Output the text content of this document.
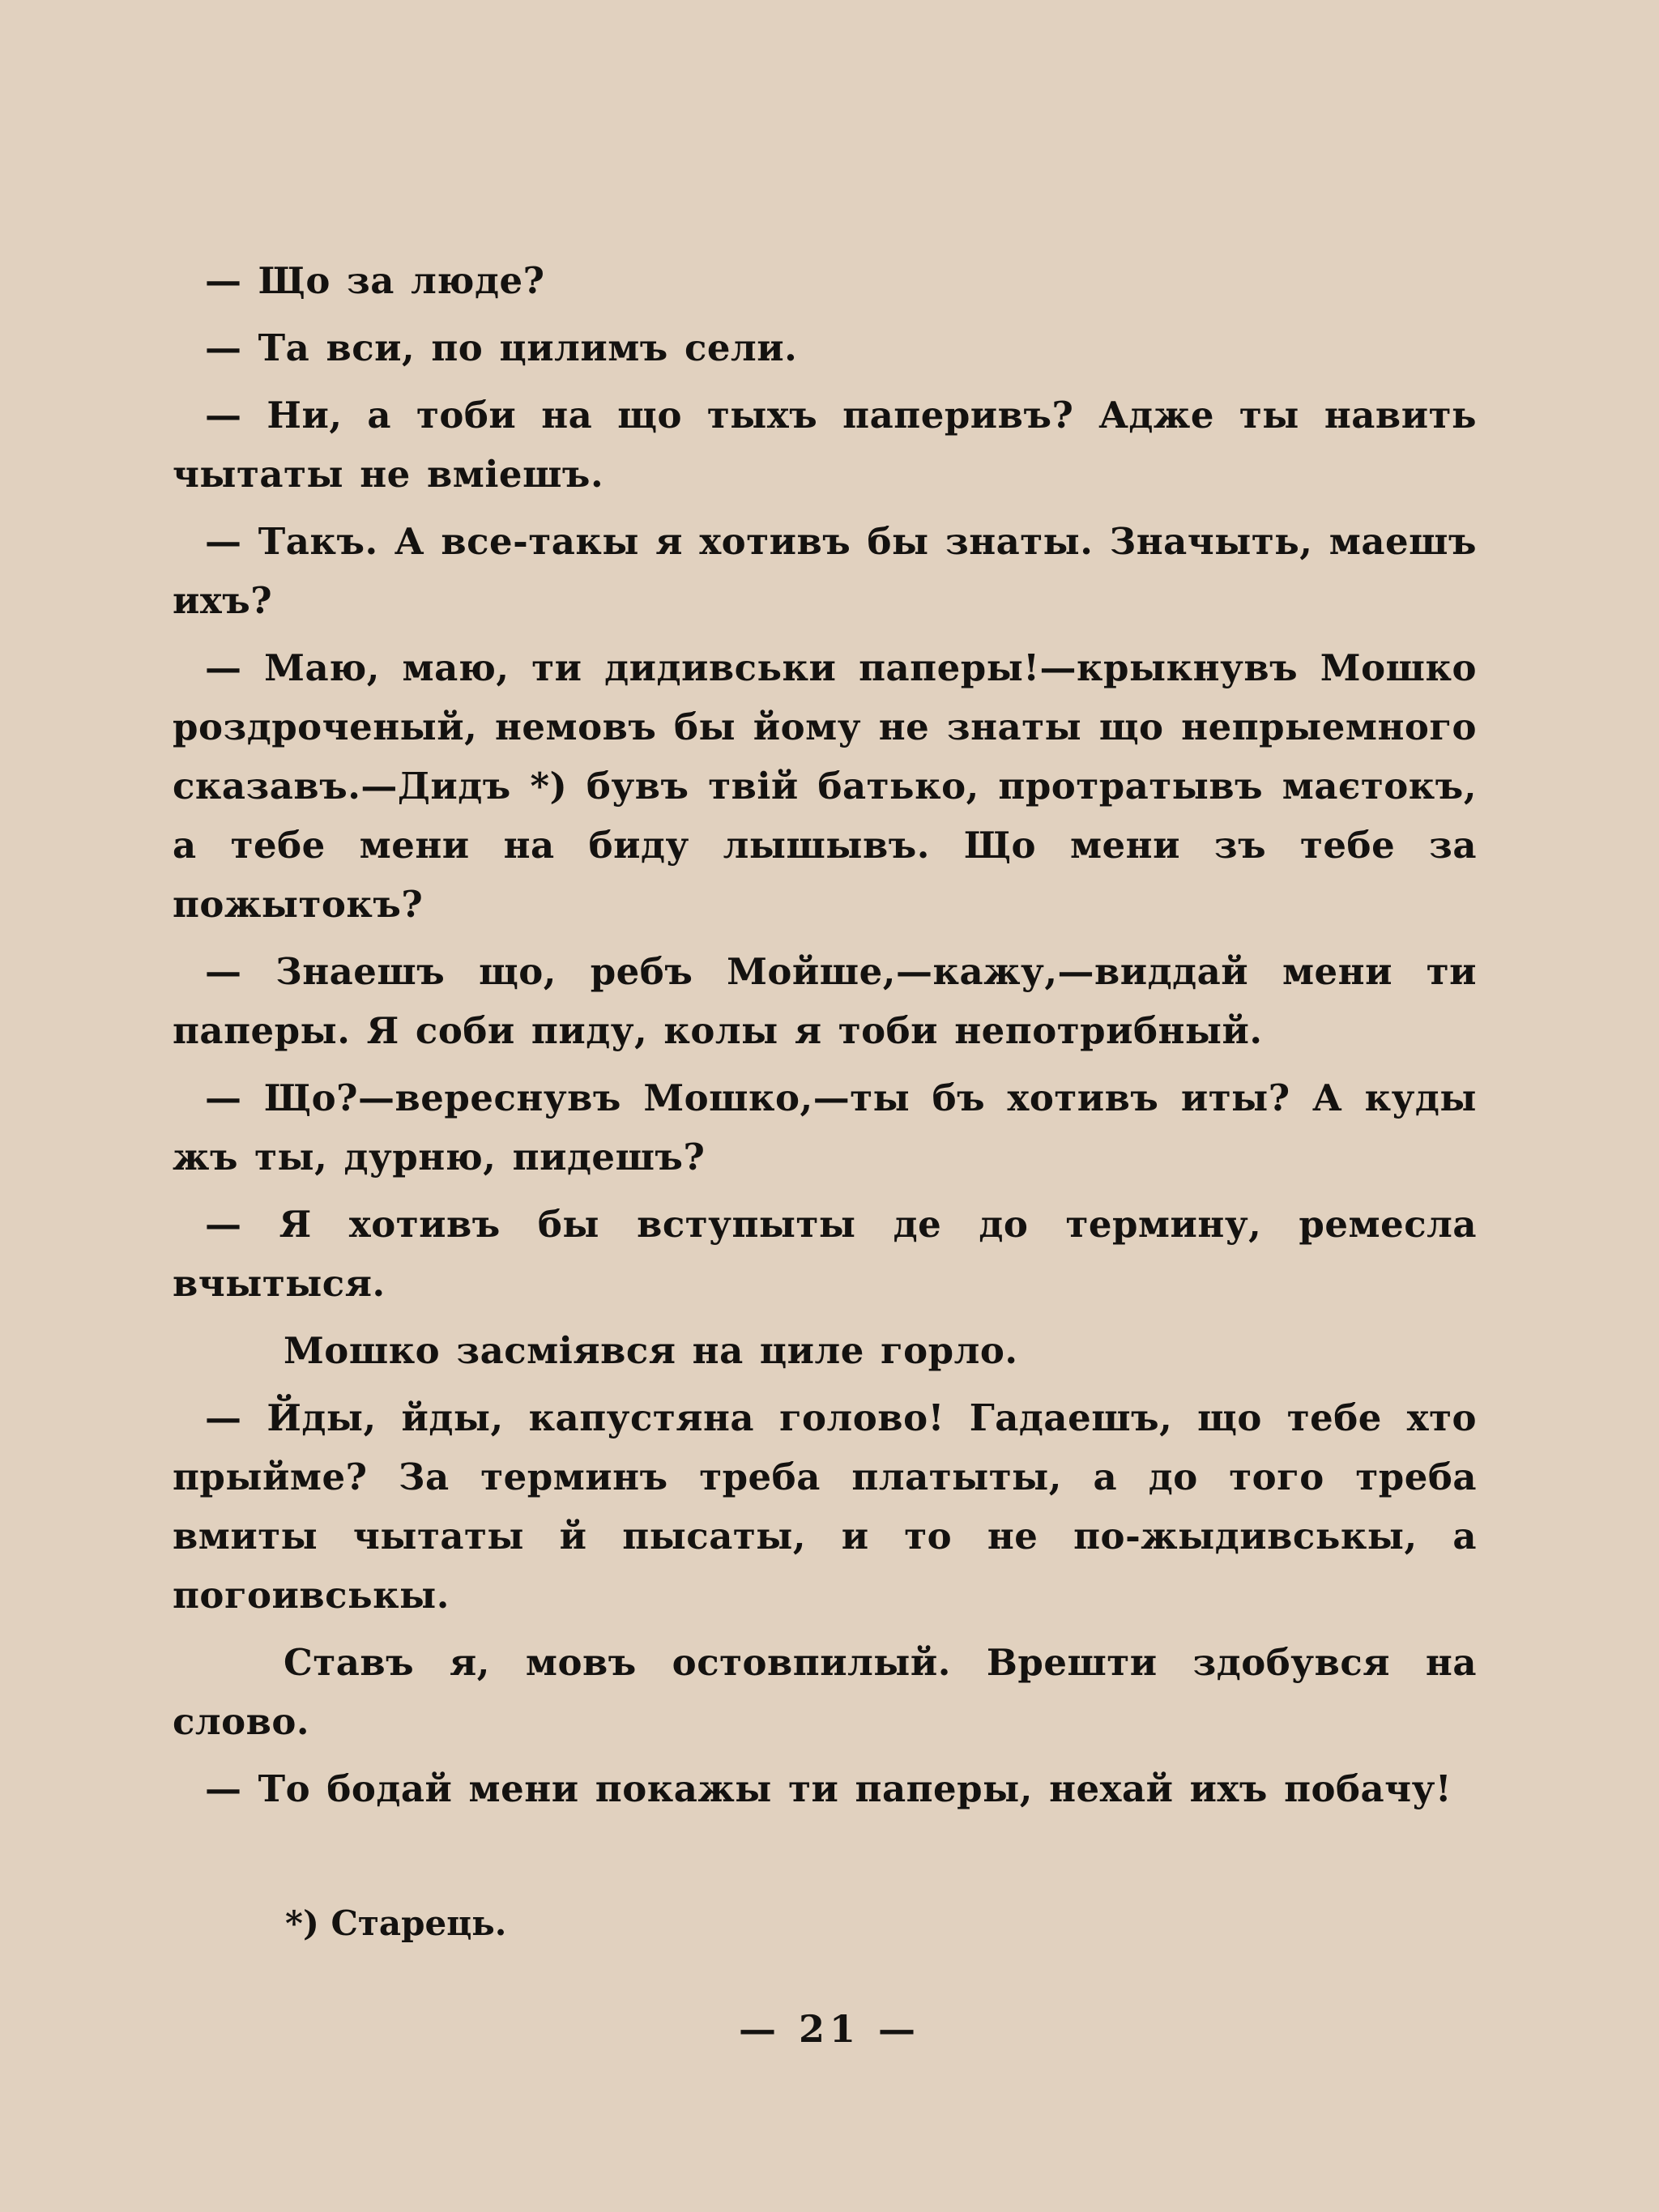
— Що за люде?

— Та вси, по цилимъ сели.

— Ни, а тоби на що тыхъ паперивъ? Адже ты навить чытаты не вміешъ.

— Такъ. А все-такы я хотивъ бы знаты. Значыть, маешъ ихъ?

— Маю, маю, ти дидивськи паперы!—крыкнувъ Мошко роздроченый, немовъ бы йому не знаты що непрыемного сказавъ.—Дидъ *) бувъ твій батько, протратывъ маєтокъ, а тебе мени на биду лышывъ. Що мени зъ тебе за пожытокъ?

— Знаешъ що, ребъ Мойше,—кажу,—виддай мени ти паперы. Я соби пиду, колы я тоби непотрибный.

— Що?—вереснувъ Мошко,—ты бъ хотивъ иты? А куды жъ ты, дурню, пидешъ?

— Я хотивъ бы вступыты де до термину, ремесла вчытыся.

Мошко засміявся на циле горло.

— Йды, йды, капустяна голово! Гадаешъ, що тебе хто прыйме? За терминъ треба платыты, а до того треба вмиты чытаты й пысаты, и то не по-жыдивськы, а погоивськы.

Ставъ я, мовъ остовпилый. Врешти здобувся на слово.

— То бодай мени покажы ти паперы, нехай ихъ побачу!

*) Старець.
— 21 —
